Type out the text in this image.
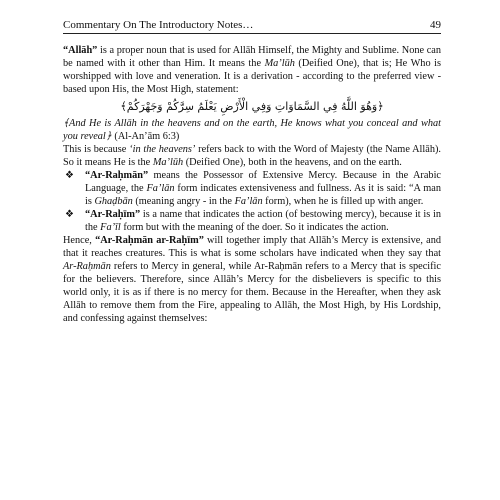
Commentary On The Introductory Notes…	49

“Allāh” is a proper noun that is used for Allāh Himself, the Mighty and Sublime. None can be named with it other than Him. It means the Ma’lūh (Deified One), that is; He Who is worshipped with love and veneration. It is a derivation - according to the preferred view - based upon His, the Most High, statement:

﴿وَهُوَ اللَّهُ فِي السَّمَاوَاتِ وَفِي الْأَرْضِ يَعْلَمُ سِرَّكُمْ وَجَهْرَكُمْ﴾

﴾And He is Allāh in the heavens and on the earth, He knows what you conceal and what you reveal﴿ (Al-An’ām 6:3)

This is because ‘in the heavens’ refers back to with the Word of Majesty (the Name Allāh). So it means He is the Ma’lūh (Deified One), both in the heavens, and on the earth.

❖ “Ar-Raḥmān” means the Possessor of Extensive Mercy. Because in the Arabic Language, the Fa’lān form indicates extensiveness and fullness. As it is said: “A man is Ghaḍbān (meaning angry - in the Fa’lān form), when he is filled up with anger.

❖ “Ar-Raḥīm” is a name that indicates the action (of bestowing mercy), because it is in the Fa’īl form but with the meaning of the doer. So it indicates the action.

Hence, “Ar-Raḥmān ar-Raḥīm” will together imply that Allāh’s Mercy is extensive, and that it reaches creatures. This is what is some scholars have indicated when they say that Ar-Raḥmān refers to Mercy in general, while Ar-Raḥmān refers to a Mercy that is specific for the believers. Therefore, since Allāh’s Mercy for the disbelievers is specific to this world only, it is as if there is no mercy for them. Because in the Hereafter, when they ask Allāh to remove them from the Fire, appealing to Allāh, the Most High, by His Lordship, and confessing against themselves:
